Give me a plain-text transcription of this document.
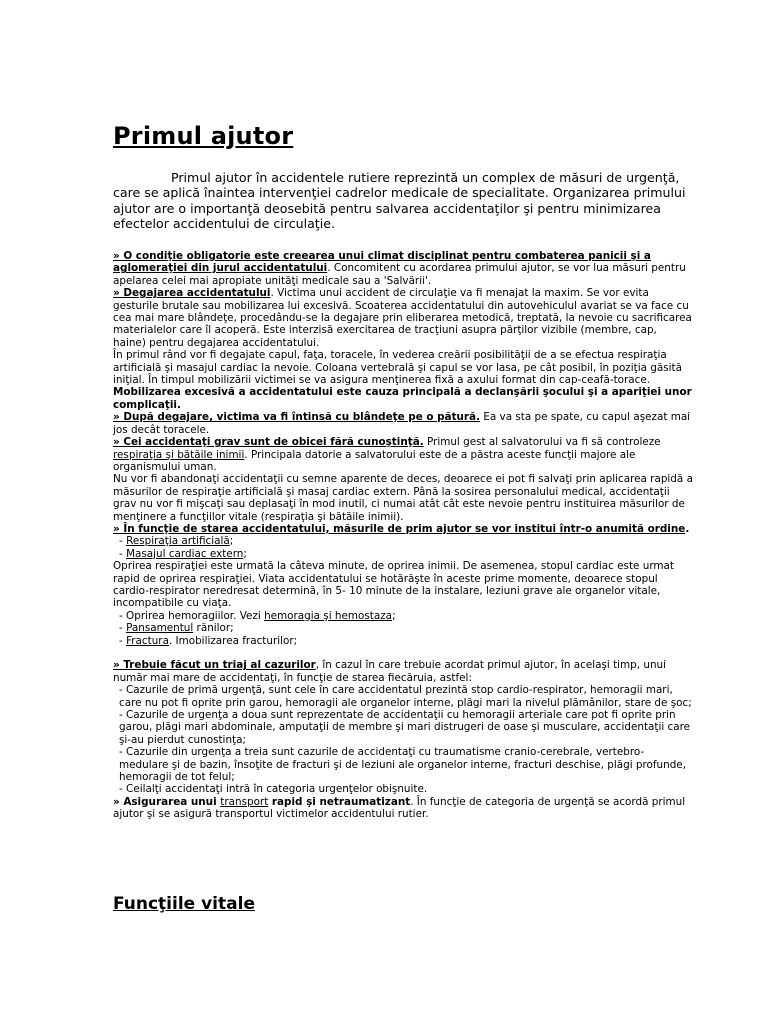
Primul ajutor

Primul ajutor în accidentele rutiere reprezintă un complex de măsuri de urgenţă, care se aplică înaintea intervenţiei cadrelor medicale de specialitate. Organizarea primului ajutor are o importanţă deosebită pentru salvarea accidentaţilor şi pentru minimizarea efectelor accidentului de circulaţie.

» O condiţie obligatorie este creearea unui climat disciplinat pentru combaterea panicii şi a aglomeraţiei din jurul accidentatului. Concomitent cu acordarea primului ajutor, se vor lua măsuri pentru apelarea celei mai apropiate unităţi medicale sau a 'Salvării'.

» Degajarea accidentatului. Victima unui accident de circulaţie va fi menajat la maxim. Se vor evita gesturile brutale sau mobilizarea lui excesivă. Scoaterea accidentatului din autovehiculul avariat se va face cu cea mai mare blândeţe, procedându-se la degajare prin eliberarea metodică, treptată, la nevoie cu sacrificarea materialelor care îl acoperă. Este interzisă exercitarea de tracţiuni asupra părţilor vizibile (membre, cap, haine) pentru degajarea accidentatului.

În primul rând vor fi degajate capul, faţa, toracele, în vederea creării posibilităţii de a se efectua respiraţia artificială şi masajul cardiac la nevoie. Coloana vertebrală şi capul se vor lasa, pe cât posibil, în poziţia găsită iniţial. În timpul mobilizării victimei se va asigura menţinerea fixă a axului format din cap-ceafă-torace.

Mobilizarea excesivă a accidentatului este cauza principală a declanşării şocului şi a apariţiei unor complicaţii.

» După degajare, victima va fi întinsă cu blândeţe pe o pătură. Ea va sta pe spate, cu capul aşezat mai jos decât toracele.

» Cei accidentaţi grav sunt de obicei fără cunoştinţă. Primul gest al salvatorului va fi să controleze respiraţia şi bătăile inimii. Principala datorie a salvatorului este de a păstra aceste funcţii majore ale organismului uman.

Nu vor fi abandonaţi accidentaţii cu semne aparente de deces, deoarece ei pot fi salvaţi prin aplicarea rapidă a măsurilor de respiraţie artificială şi masaj cardiac extern. Până la sosirea personalului medical, accidentaţii grav nu vor fi mişcaţi sau deplasaţi în mod inutil, ci numai atât cât este nevoie pentru instituirea măsurilor de menţinere a funcţiilor vitale (respiraţia şi bătăile inimii).

» În funcţie de starea accidentatului, măsurile de prim ajutor se vor institui într-o anumită ordine.

- Respiraţia artificială;

- Masajul cardiac extern;

Oprirea respiraţiei este urmată la câteva minute, de oprirea inimii. De asemenea, stopul cardiac este urmat rapid de oprirea respiraţiei. Viata accidentatului se hotărăşte în aceste prime momente, deoarece stopul cardio-respirator neredresat determină, în 5- 10 minute de la instalare, leziuni grave ale organelor vitale, incompatibile cu viaţa.

- Oprirea hemoragiilor. Vezi hemoragia şi hemostaza;

- Pansamentul rănilor;

- Fractura. Imobilizarea fracturilor;

» Trebuie făcut un triaj al cazurilor, în cazul în care trebuie acordat primul ajutor, în acelaşi timp, unui număr mai mare de accidentaţi, în funcţie de starea fiecăruia, astfel:

- Cazurile de primă urgenţă, sunt cele în care accidentatul prezintă stop cardio-respirator, hemoragii mari, care nu pot fi oprite prin garou, hemoragii ale organelor interne, plăgi mari la nivelul plămânilor, stare de şoc;

- Cazurile de urgenţa a doua sunt reprezentate de accidentaţii cu hemoragii arteriale care pot fi oprite prin garou, plăgi mari abdominale, amputaţii de membre şi mari distrugeri de oase şi musculare, accidentaţii care şi-au pierdut cunostinţa;

- Cazurile din urgenţa a treia sunt cazurile de accidentaţi cu traumatisme cranio-cerebrale, vertebro-medulare şi de bazin, însoţite de fracturi şi de leziuni ale organelor interne, fracturi deschise, plăgi profunde, hemoragii de tot felul;

- Ceilalţi accidentaţi intră în categoria urgenţelor obişnuite.

» Asigurarea unui transport rapid şi netraumatizant. În funcţie de categoria de urgenţă se acordă primul ajutor şi se asigură transportul victimelor accidentului rutier.

Funcţiile vitale
